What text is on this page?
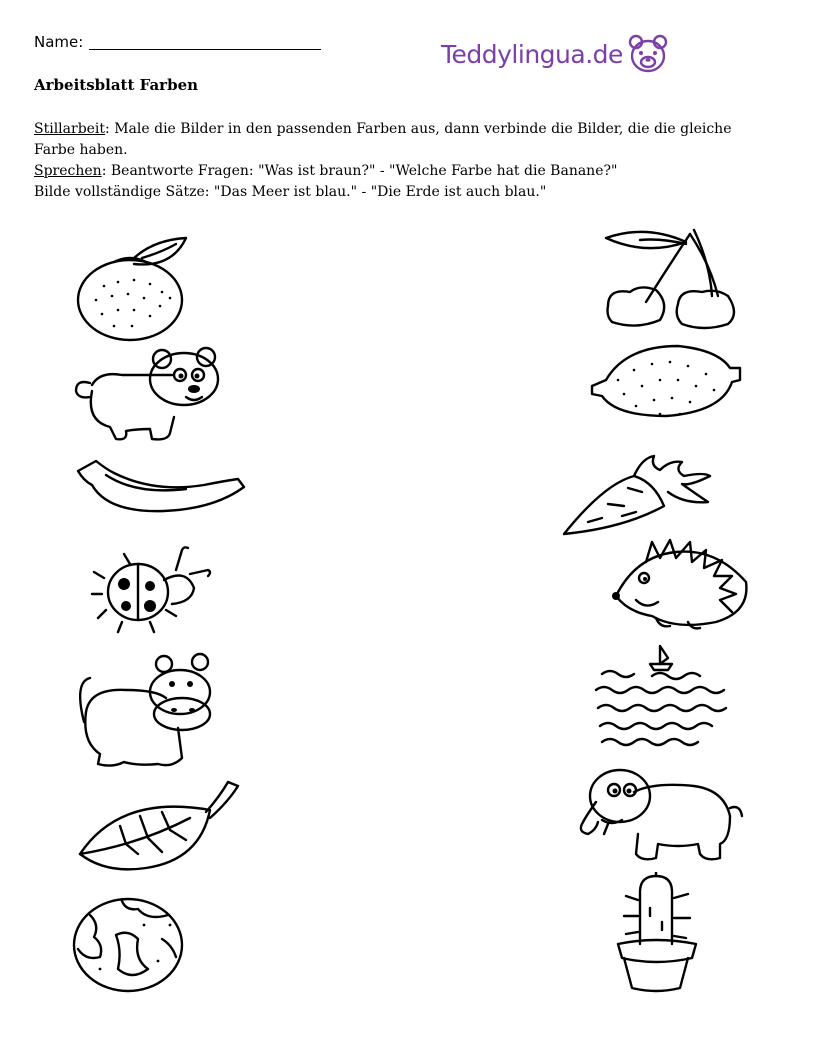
Name:	Teddylingua.de
Arbeitsblatt Farben

Stillarbeit: Male die Bilder in den passenden Farben aus, dann verbinde die Bilder, die die gleiche Farbe haben.

Sprechen: Beantworte Fragen: "Was ist braun?" - "Welche Farbe hat die Banane?"

Bilde vollständige Sätze: "Das Meer ist blau." - "Die Erde ist auch blau."
